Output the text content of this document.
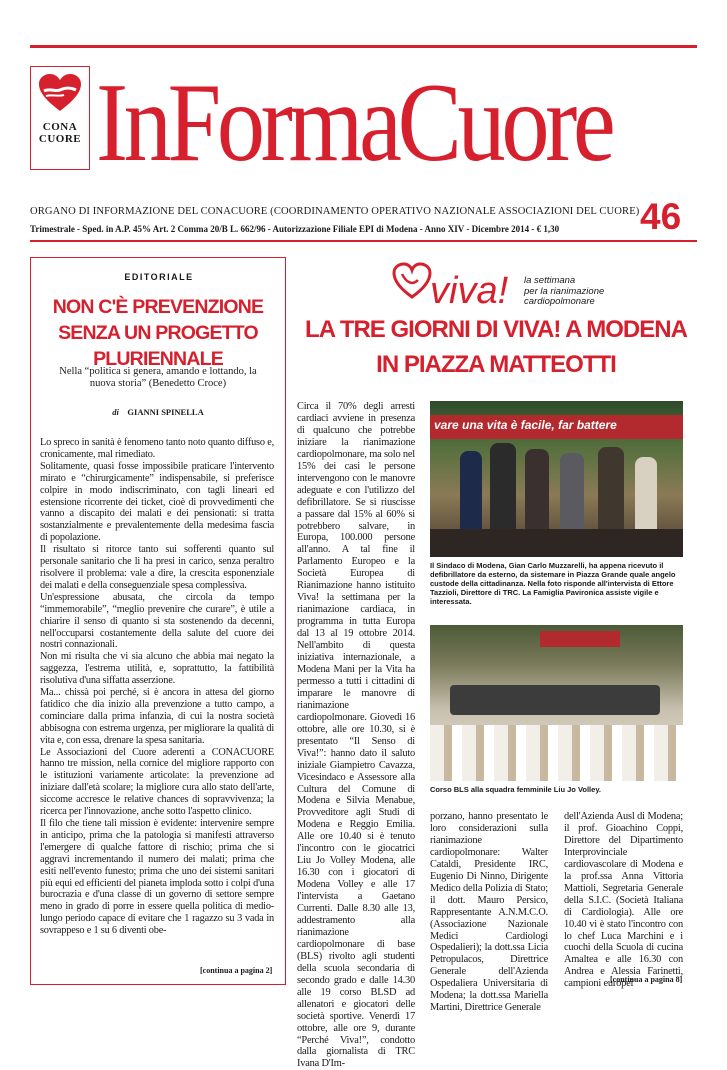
CONA CUORE InFormaCuore
ORGANO DI INFORMAZIONE DEL CONACUORE (COORDINAMENTO OPERATIVO NAZIONALE ASSOCIAZIONI DEL CUORE)
Trimestrale - Sped. in A.P. 45% Art. 2 Comma 20/B L. 662/96 - Autorizzazione Filiale EPI di Modena - Anno XIV - Dicembre 2014 - € 1,30 46
EDITORIALE
NON C'È PREVENZIONE
SENZA UN PROGETTO PLURIENNALE
Nella “politica si genera, amando e lottando, la nuova storia” (Benedetto Croce)
di GIANNI SPINELLA

Lo spreco in sanità è fenomeno tanto noto quanto diffuso e, cronicamente, mal rimediato.

Solitamente, quasi fosse impossibile praticare l'intervento mirato e “chirurgicamente” indispensabile, si preferisce colpire in modo indiscriminato, con tagli lineari ed estensione ricorrente dei ticket, cioè di provvedimenti che vanno a discapito dei malati e dei pensionati: si tratta sostanzialmente e prevalentemente della medesima fascia di popolazione.

Il risultato si ritorce tanto sui sofferenti quanto sul personale sanitario che li ha presi in carico, senza peraltro risolvere il problema: vale a dire, la crescita esponenziale dei malati e della conseguenziale spesa complessiva.

Un'espressione abusata, che circola da tempo “immemorabile”, “meglio prevenire che curare”, è utile a chiarire il senso di quanto si sta sostenendo da decenni, nell'occuparsi costantemente della salute del cuore dei nostri connazionali.

Non mi risulta che vi sia alcuno che abbia mai negato la saggezza, l'estrema utilità, e, soprattutto, la fattibilità risolutiva d'una siffatta asserzione.

Ma... chissà poi perché, si è ancora in attesa del giorno fatidico che dia inizio alla prevenzione a tutto campo, a cominciare dalla prima infanzia, di cui la nostra società abbisogna con estrema urgenza, per migliorare la qualità di vita e, con essa, drenare la spesa sanitaria.

Le Associazioni del Cuore aderenti a CONACUORE hanno tre mission, nella cornice del migliore rapporto con le istituzioni variamente articolate: la prevenzione ad iniziare dall'età scolare; la migliore cura allo stato dell'arte, siccome accresce le relative chances di sopravvivenza; la ricerca per l'innovazione, anche sotto l'aspetto clinico.

Il filo che tiene tali mission è evidente: intervenire sempre in anticipo, prima che la patologia si manifesti attraverso l'emergere di qualche fattore di rischio; prima che si aggravi incrementando il numero dei malati; prima che esiti nell'evento funesto; prima che uno dei sistemi sanitari più equi ed efficienti del pianeta imploda sotto i colpi d'una burocrazia e d'una classe di un governo di settore sempre meno in grado di porre in essere quella politica di medio-lungo periodo capace di evitare che 1 ragazzo su 3 vada in sovrappeso e 1 su 6 diventi obe-

[continua a pagina 2]
viva! la settimana
per la rianimazione
cardiopolmonare
LA TRE GIORNI DI VIVA! A MODENA
IN PIAZZA MATTEOTTI
Circa il 70% degli arresti cardiaci avviene in presenza di qualcuno che potrebbe iniziare la rianimazione cardiopolmonare, ma solo nel 15% dei casi le persone intervengono con le manovre adeguate e con l'utilizzo del defibrillatore. Se si riuscisse a passare dal 15% al 60% si potrebbero salvare, in Europa, 100.000 persone all'anno. A tal fine il Parlamento Europeo e la Società Europea di Rianimazione hanno istituito Viva! la settimana per la rianimazione cardiaca, in programma in tutta Europa dal 13 al 19 ottobre 2014. Nell'ambito di questa iniziativa internazionale, a Modena Mani per la Vita ha permesso a tutti i cittadini di imparare le manovre di rianimazione cardiopolmonare. Giovedì 16 ottobre, alle ore 10.30, si è presentato “Il Senso di Viva!”: hanno dato il saluto iniziale Giampietro Cavazza, Vicesindaco e Assessore alla Cultura del Comune di Modena e Silvia Menabue, Provveditore agli Studi di Modena e Reggio Emilia. Alle ore 10.40 si è tenuto l'incontro con le giocatrici Liu Jo Volley Modena, alle 16.30 con i giocatori di Modena Volley e alle 17 l'intervista a Gaetano Currenti. Dalle 8.30 alle 13, addestramento alla rianimazione cardiopolmonare di base (BLS) rivolto agli studenti della scuola secondaria di secondo grado e dalle 14.30 alle 19 corso BLSD ad allenatori e giocatori delle società sportive. Venerdì 17 ottobre, alle ore 9, durante “Perché Viva!”, condotto dalla giornalista di TRC Ivana D'Im-
vare una vita è facile, far battere
Il Sindaco di Modena, Gian Carlo Muzzarelli, ha appena ricevuto il defibrillatore da esterno, da sistemare in Piazza Grande quale angelo custode della cittadinanza. Nella foto risponde all'intervista di Ettore Tazzioli, Direttore di TRC. La Famiglia Pavironica assiste vigile e interessata.
Corso BLS alla squadra femminile Liu Jo Volley.
porzano, hanno presentato le loro considerazioni sulla rianimazione cardiopolmonare: Walter Cataldi, Presidente IRC, Eugenio Di Ninno, Dirigente Medico della Polizia di Stato; il dott. Mauro Persico, Rappresentante A.N.M.C.O. (Associazione Nazionale Medici Cardiologi Ospedalieri); la dott.ssa Licia Petropulacos, Direttrice Generale dell'Azienda Ospedaliera Universitaria di Modena; la dott.ssa Mariella Martini, Direttrice Generale
dell'Azienda Ausl di Modena; il prof. Gioachino Coppi, Direttore del Dipartimento Interprovinciale cardiovascolare di Modena e la prof.ssa Anna Vittoria Mattioli, Segretaria Generale della S.I.C. (Società Italiana di Cardiologia). Alle ore 10.40 vi è stato l'incontro con lo chef Luca Marchini e i cuochi della Scuola di cucina Amaltea e alle 16.30 con Andrea e Alessia Farinetti, campioni europei
[continua a pagina 8]
